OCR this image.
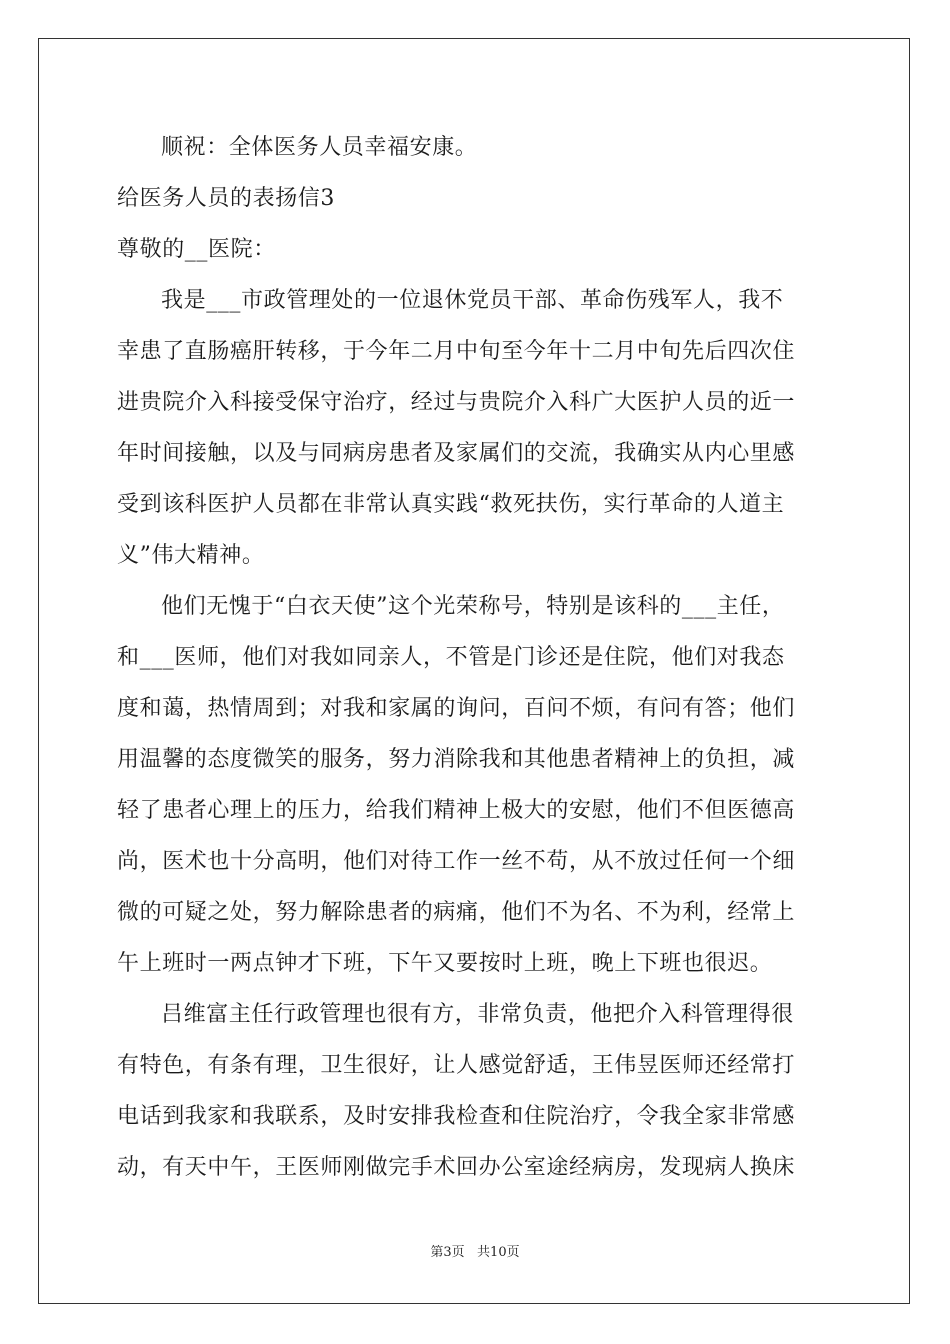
顺祝：全体医务人员幸福安康。
给医务人员的表扬信3
尊敬的__医院：
我是___市政管理处的一位退休党员干部、革命伤残军人，我不
幸患了直肠癌肝转移，于今年二月中旬至今年十二月中旬先后四次住
进贵院介入科接受保守治疗，经过与贵院介入科广大医护人员的近一
年时间接触，以及与同病房患者及家属们的交流，我确实从内心里感
受到该科医护人员都在非常认真实践“救死扶伤，实行革命的人道主
义”伟大精神。
他们无愧于“白衣天使”这个光荣称号，特别是该科的___主任，
和___医师，他们对我如同亲人，不管是门诊还是住院，他们对我态
度和蔼，热情周到；对我和家属的询问，百问不烦，有问有答；他们
用温馨的态度微笑的服务，努力消除我和其他患者精神上的负担，减
轻了患者心理上的压力，给我们精神上极大的安慰，他们不但医德高
尚，医术也十分高明，他们对待工作一丝不苟，从不放过任何一个细
微的可疑之处，努力解除患者的病痛，他们不为名、不为利，经常上
午上班时一两点钟才下班，下午又要按时上班，晚上下班也很迟。
吕维富主任行政管理也很有方，非常负责，他把介入科管理得很
有特色，有条有理，卫生很好，让人感觉舒适，王伟昱医师还经常打
电话到我家和我联系，及时安排我检查和住院治疗，令我全家非常感
动，有天中午，王医师刚做完手术回办公室途经病房，发现病人换床
第3页   共10页
